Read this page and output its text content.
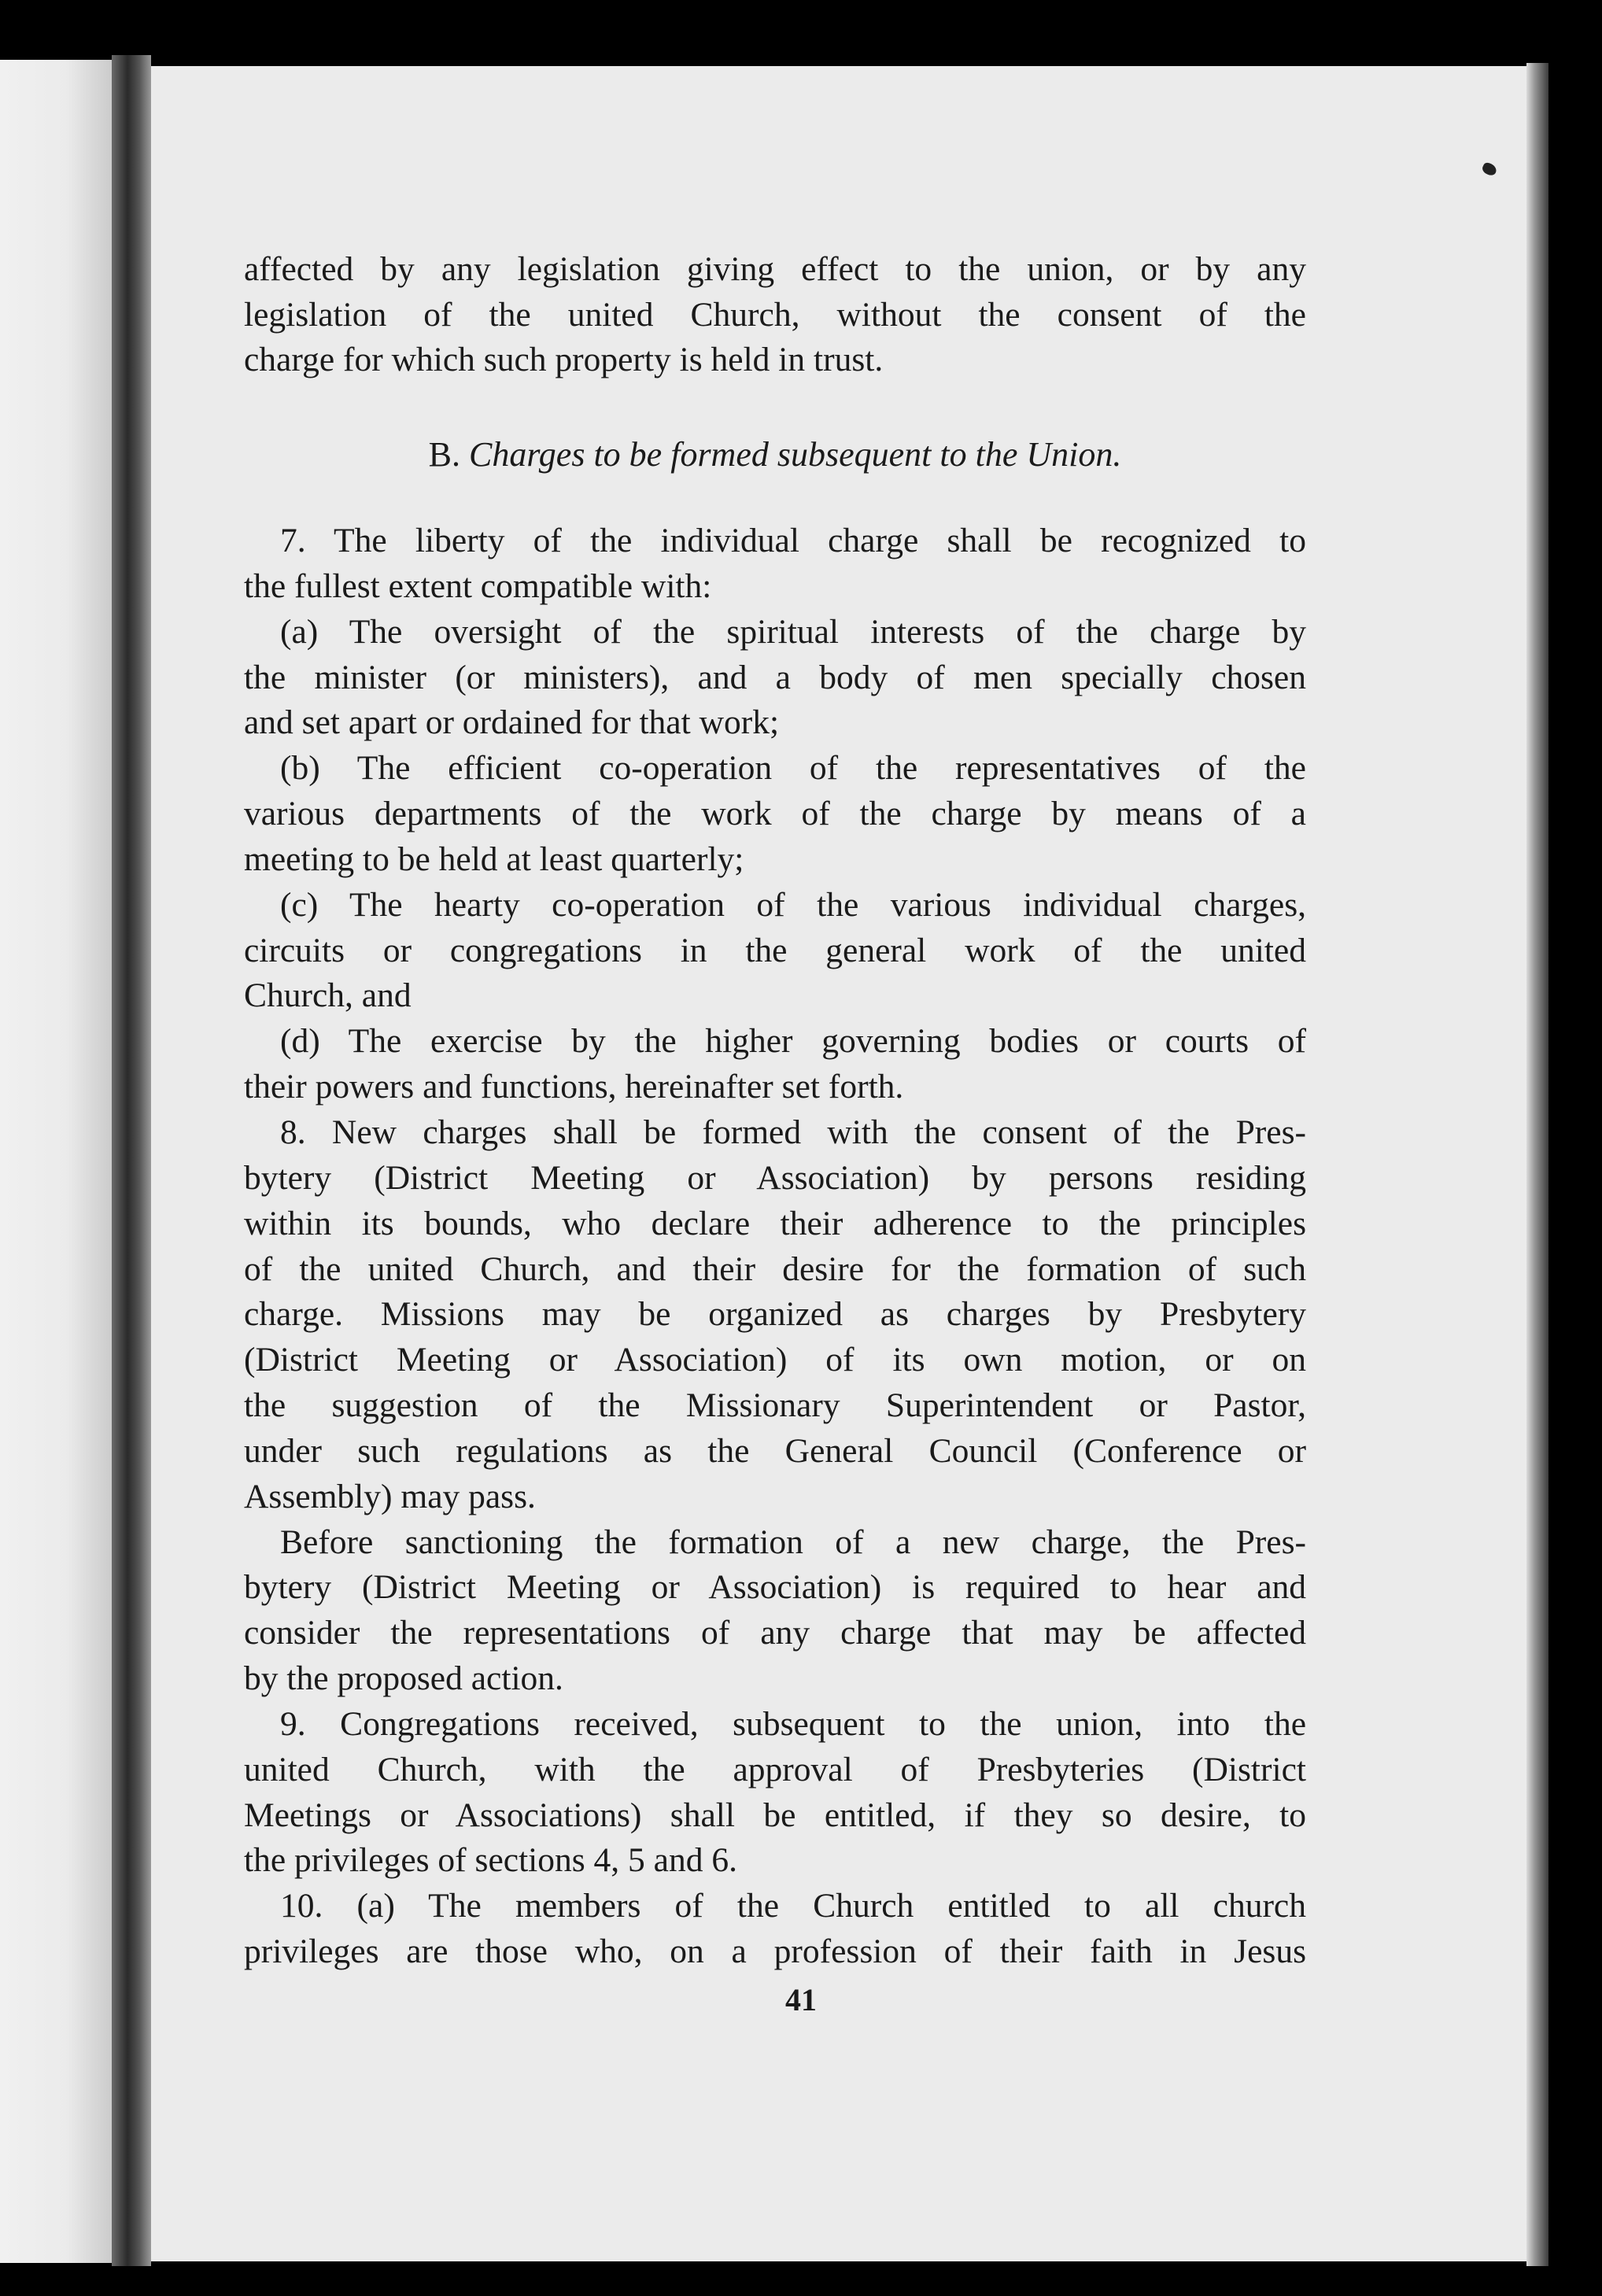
affected by any legislation giving effect to the union, or by any
legislation of the united Church, without the consent of the
charge for which such property is held in trust.
B. Charges to be formed subsequent to the Union.
7. The liberty of the individual charge shall be recognized to
the fullest extent compatible with:
(a) The oversight of the spiritual interests of the charge by
the minister (or ministers), and a body of men specially chosen
and set apart or ordained for that work;
(b) The efficient co-operation of the representatives of the
various departments of the work of the charge by means of a
meeting to be held at least quarterly;
(c) The hearty co-operation of the various individual charges,
circuits or congregations in the general work of the united
Church, and
(d) The exercise by the higher governing bodies or courts of
their powers and functions, hereinafter set forth.
8. New charges shall be formed with the consent of the Pres-
bytery (District Meeting or Association) by persons residing
within its bounds, who declare their adherence to the principles
of the united Church, and their desire for the formation of such
charge. Missions may be organized as charges by Presbytery
(District Meeting or Association) of its own motion, or on
the suggestion of the Missionary Superintendent or Pastor,
under such regulations as the General Council (Conference or
Assembly) may pass.
Before sanctioning the formation of a new charge, the Pres-
bytery (District Meeting or Association) is required to hear and
consider the representations of any charge that may be affected
by the proposed action.
9. Congregations received, subsequent to the union, into the
united Church, with the approval of Presbyteries (District
Meetings or Associations) shall be entitled, if they so desire, to
the privileges of sections 4, 5 and 6.
10. (a) The members of the Church entitled to all church
privileges are those who, on a profession of their faith in Jesus
41
